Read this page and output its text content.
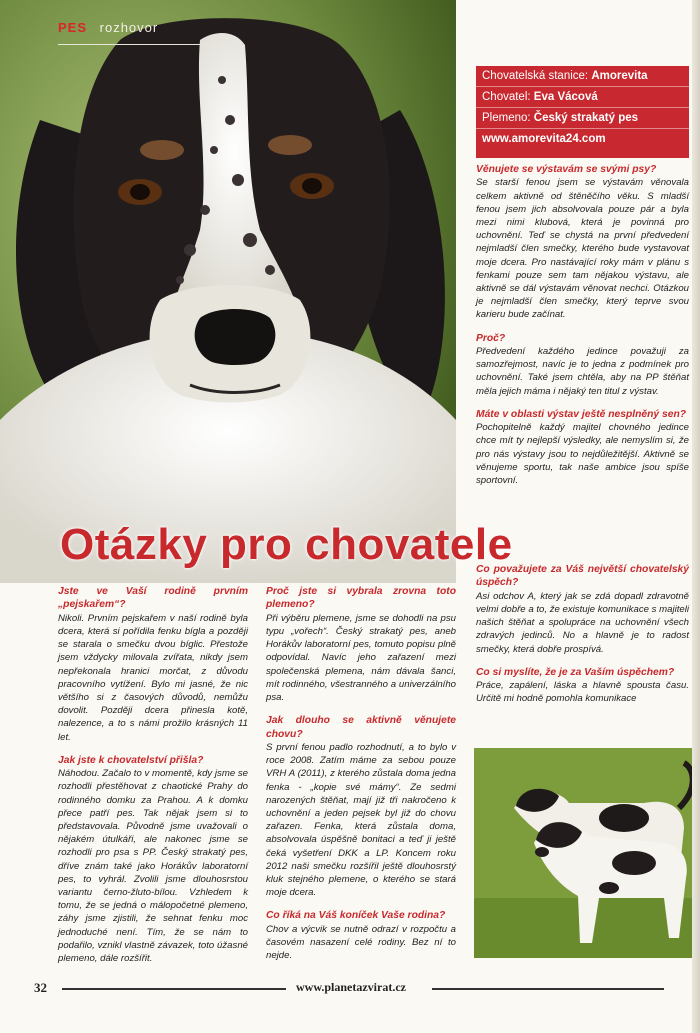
PES rozhovor
Otázky pro chovatele
Chovatelská stanice: Amorevita
Chovatel: Eva Vácová
Plemeno: Český strakatý pes
www.amorevita24.com

Jste ve Vaší rodině prvním „pejskařem“?

Nikoli. Prvním pejskařem v naší rodině byla dcera, která si pořídila fenku bígla a později se starala o smečku dvou bíglic. Přestože jsem vždycky milovala zvířata, nikdy jsem nepřekonala hranici morčat, z důvodu pracovního vytížení. Bylo mi jasné, že nic většího si z časových důvodů, nemůžu dovolit. Později dcera přinesla kotě, nalezence, a to s námi prožilo krásných 11 let.

Jak jste k chovatelství přišla?

Náhodou. Začalo to v momentě, kdy jsme se rozhodli přestěhovat z chaotické Prahy do rodinného domku za Prahou. A k domku přece patří pes. Tak nějak jsem si to představovala. Původně jsme uvažovali o nějakém útulkáři, ale nakonec jsme se rozhodli pro psa s PP. Český strakatý pes, dříve znám také jako Horákův laboratorní pes, to vyhrál. Zvolili jsme dlouhosrstou variantu černo-žluto-bílou. Vzhledem k tomu, že se jedná o málopočetné plemeno, záhy jsme zjistili, že sehnat fenku moc jednoduché není. Tím, že se nám to podařilo, vznikl vlastně závazek, toto úžasné plemeno, dále rozšířit.

Proč jste si vybrala zrovna toto plemeno?

Při výběru plemene, jsme se dohodli na psu typu „vořech“. Český strakatý pes, aneb Horákův laboratorní pes, tomuto popisu plně odpovídal. Navíc jeho zařazení mezi společenská plemena, nám dávala šanci, mít rodinného, všestranného a univerzálního psa.

Jak dlouho se aktivně věnujete chovu?

S první fenou padlo rozhodnutí, a to bylo v roce 2008. Zatím máme za sebou pouze VRH A (2011), z kterého zůstala doma jedna fenka - „kopie své mámy“. Ze sedmi narozených štěňat, mají již tři nakročeno k uchovnění a jeden pejsek byl již do chovu zařazen. Fenka, která zůstala doma, absolvovala úspěšně bonitaci a teď ji ještě čeká vyšetření DKK a LP. Koncem roku 2012 naši smečku rozšířil ještě dlouhosrstý kluk stejného plemene, o kterého se stará moje dcera.

Co říká na Váš koníček Vaše rodina?

Chov a výcvik se nutně odrazí v rozpočtu a časovém nasazení celé rodiny. Bez ní to nejde.

Věnujete se výstavám se svými psy?

Se starší fenou jsem se výstavám věnovala celkem aktivně od štěněčího věku. S mladší fenou jsem jich absolvovala pouze pár a byla mezi nimi klubová, která je povinná pro uchovnění. Teď se chystá na první předvedení nejmladší člen smečky, kterého bude vystavovat moje dcera. Pro nastávající roky mám v plánu s fenkami pouze sem tam nějakou výstavu, ale aktivně se dál výstavám věnovat nechci. Otázkou je nejmladší člen smečky, který teprve svou karieru bude začínat.

Proč?

Předvedení každého jedince považuji za samozřejmost, navíc je to jedna z podmínek pro uchovnění. Také jsem chtěla, aby na PP štěňat měla jejich máma i nějaký ten titul z výstav.

Máte v oblasti výstav ještě nesplněný sen?

Pochopitelně každý majitel chovného jedince chce mít ty nejlepší výsledky, ale nemyslím si, že pro nás výstavy jsou to nejdůležitější. Aktivně se věnujeme sportu, tak naše ambice jsou spíše sportovní.

Co považujete za Váš největší chovatelský úspěch?

Asi odchov A, který jak se zdá dopadl zdravotně velmi dobře a to, že existuje komunikace s majiteli našich štěňat a spolupráce na uchovnění všech zdravých jedinců. No a hlavně je to radost smečky, která dobře prospívá.

Co si myslíte, že je za Vaším úspěchem?

Práce, zapálení, láska a hlavně spousta času. Určitě mi hodně pomohla komunikace

32	www.planetazvirat.cz
